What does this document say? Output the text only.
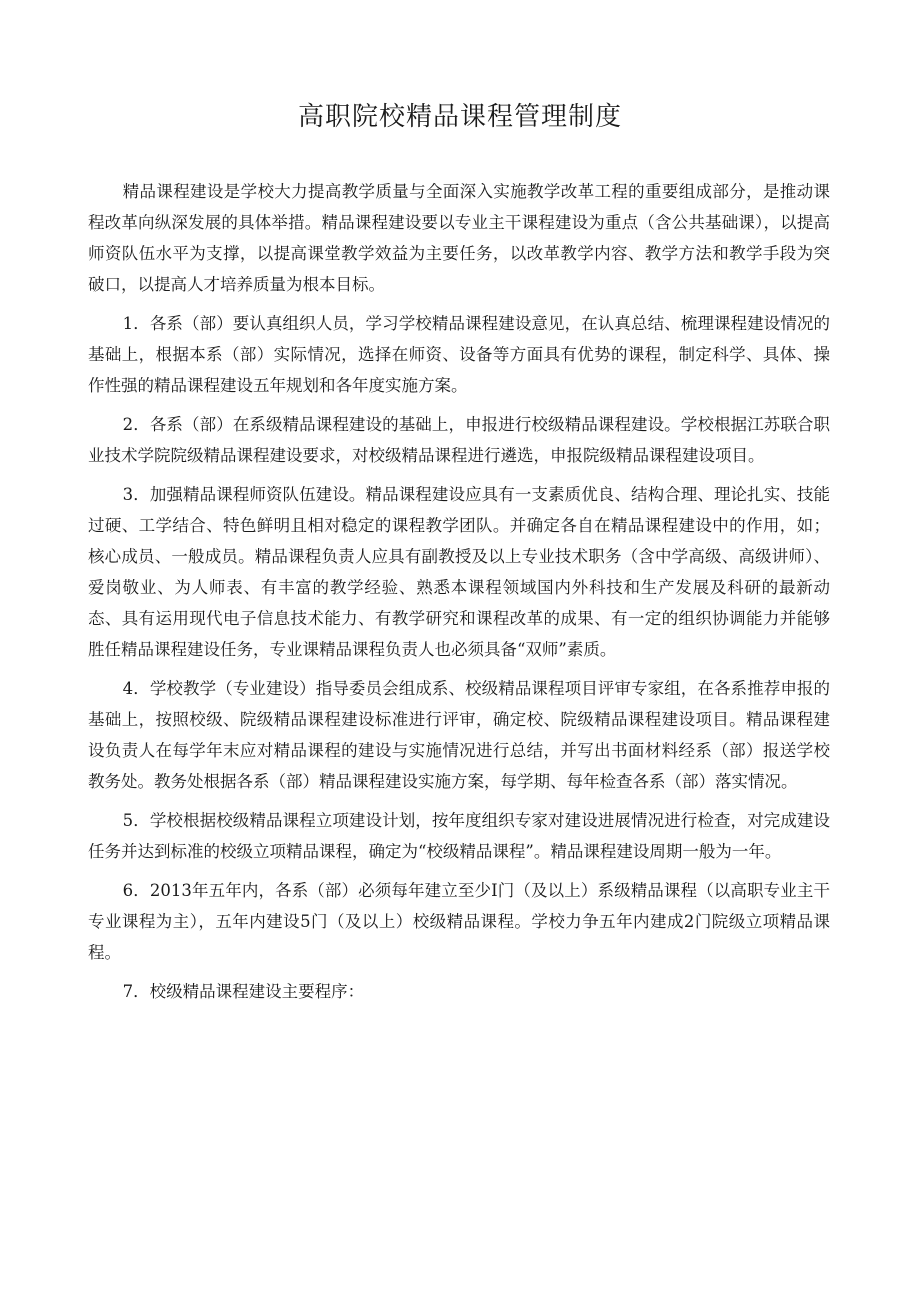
高职院校精品课程管理制度

精品课程建设是学校大力提高教学质量与全面深入实施教学改革工程的重要组成部分，是推动课程改革向纵深发展的具体举措。精品课程建设要以专业主干课程建设为重点（含公共基础课），以提高师资队伍水平为支撑，以提高课堂教学效益为主要任务，以改革教学内容、教学方法和教学手段为突破口，以提高人才培养质量为根本目标。

1．各系（部）要认真组织人员，学习学校精品课程建设意见，在认真总结、梳理课程建设情况的基础上，根据本系（部）实际情况，选择在师资、设备等方面具有优势的课程，制定科学、具体、操作性强的精品课程建设五年规划和各年度实施方案。

2．各系（部）在系级精品课程建设的基础上，申报进行校级精品课程建设。学校根据江苏联合职业技术学院院级精品课程建设要求，对校级精品课程进行遴选，申报院级精品课程建设项目。

3．加强精品课程师资队伍建设。精品课程建设应具有一支素质优良、结构合理、理论扎实、技能过硬、工学结合、特色鲜明且相对稳定的课程教学团队。并确定各自在精品课程建设中的作用，如；核心成员、一般成员。精品课程负责人应具有副教授及以上专业技术职务（含中学高级、高级讲师）、爱岗敬业、为人师表、有丰富的教学经验、熟悉本课程领域国内外科技和生产发展及科研的最新动态、具有运用现代电子信息技术能力、有教学研究和课程改革的成果、有一定的组织协调能力并能够胜任精品课程建设任务，专业课精品课程负责人也必须具备“双师”素质。

4．学校教学（专业建设）指导委员会组成系、校级精品课程项目评审专家组，在各系推荐申报的基础上，按照校级、院级精品课程建设标准进行评审，确定校、院级精品课程建设项目。精品课程建设负责人在每学年末应对精品课程的建设与实施情况进行总结，并写出书面材料经系（部）报送学校教务处。教务处根据各系（部）精品课程建设实施方案，每学期、每年检查各系（部）落实情况。

5．学校根据校级精品课程立项建设计划，按年度组织专家对建设进展情况进行检查，对完成建设任务并达到标准的校级立项精品课程，确定为“校级精品课程”。精品课程建设周期一般为一年。

6．2013年五年内，各系（部）必须每年建立至少I门（及以上）系级精品课程（以高职专业主干专业课程为主），五年内建设5门（及以上）校级精品课程。学校力争五年内建成2门院级立项精品课程。

7．校级精品课程建设主要程序：
